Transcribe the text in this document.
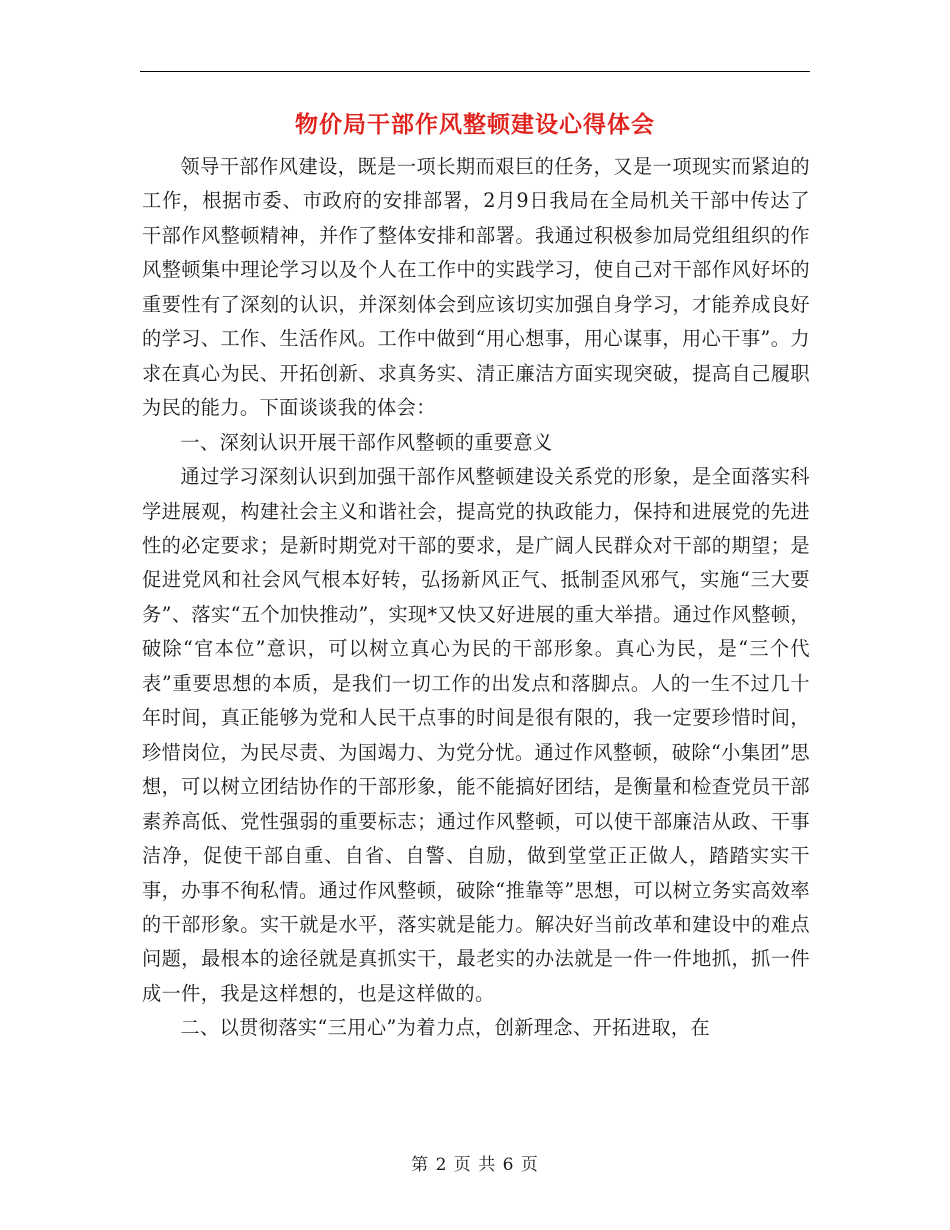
物价局干部作风整顿建设心得体会

领导干部作风建设，既是一项长期而艰巨的任务，又是一项现实而紧迫的工作，根据市委、市政府的安排部署，2月9日我局在全局机关干部中传达了干部作风整顿精神，并作了整体安排和部署。我通过积极参加局党组组织的作风整顿集中理论学习以及个人在工作中的实践学习，使自己对干部作风好坏的重要性有了深刻的认识，并深刻体会到应该切实加强自身学习，才能养成良好的学习、工作、生活作风。工作中做到“用心想事，用心谋事，用心干事”。力求在真心为民、开拓创新、求真务实、清正廉洁方面实现突破，提高自己履职为民的能力。下面谈谈我的体会：

一、深刻认识开展干部作风整顿的重要意义

通过学习深刻认识到加强干部作风整顿建设关系党的形象，是全面落实科学进展观，构建社会主义和谐社会，提高党的执政能力，保持和进展党的先进性的必定要求；是新时期党对干部的要求，是广阔人民群众对干部的期望；是促进党风和社会风气根本好转，弘扬新风正气、抵制歪风邪气，实施“三大要务”、落实“五个加快推动”，实现*又快又好进展的重大举措。通过作风整顿，破除“官本位”意识，可以树立真心为民的干部形象。真心为民，是“三个代表”重要思想的本质，是我们一切工作的出发点和落脚点。人的一生不过几十年时间，真正能够为党和人民干点事的时间是很有限的，我一定要珍惜时间，珍惜岗位，为民尽责、为国竭力、为党分忧。通过作风整顿，破除“小集团”思想，可以树立团结协作的干部形象，能不能搞好团结，是衡量和检查党员干部素养高低、党性强弱的重要标志；通过作风整顿，可以使干部廉洁从政、干事洁净，促使干部自重、自省、自警、自励，做到堂堂正正做人，踏踏实实干事，办事不徇私情。通过作风整顿，破除“推靠等”思想，可以树立务实高效率的干部形象。实干就是水平，落实就是能力。解决好当前改革和建设中的难点问题，最根本的途径就是真抓实干，最老实的办法就是一件一件地抓，抓一件成一件，我是这样想的，也是这样做的。

二、以贯彻落实“三用心”为着力点，创新理念、开拓进取，在

第 2 页 共 6 页
